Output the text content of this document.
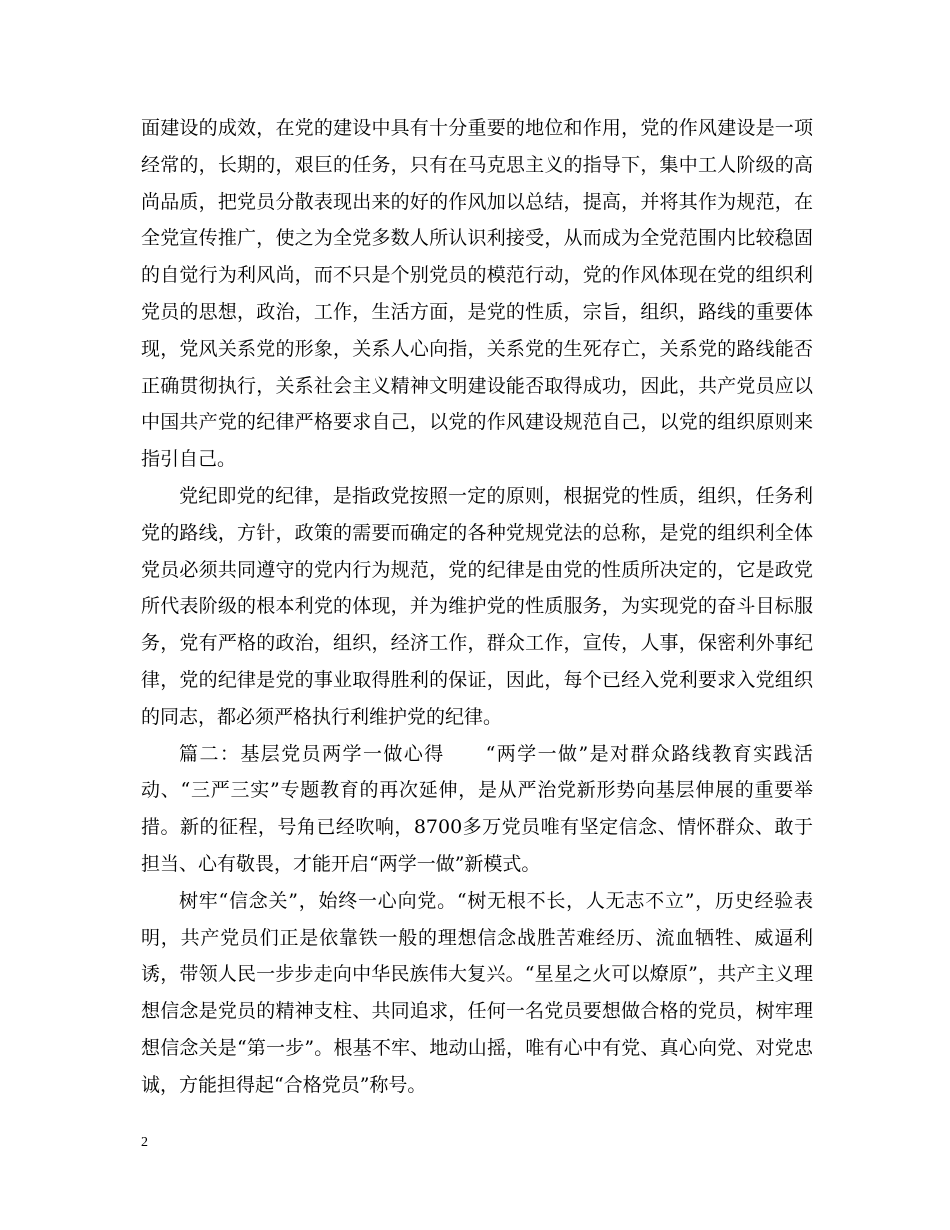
面建设的成效，在党的建设中具有十分重要的地位和作用，党的作风建设是一项经常的，长期的，艰巨的任务，只有在马克思主义的指导下，集中工人阶级的高尚品质，把党员分散表现出来的好的作风加以总结，提高，并将其作为规范，在全党宣传推广，使之为全党多数人所认识利接受，从而成为全党范围内比较稳固的自觉行为利风尚，而不只是个别党员的模范行动，党的作风体现在党的组织利党员的思想，政治，工作，生活方面，是党的性质，宗旨，组织，路线的重要体现，党风关系党的形象，关系人心向指，关系党的生死存亡，关系党的路线能否正确贯彻执行，关系社会主义精神文明建设能否取得成功，因此，共产党员应以中国共产党的纪律严格要求自己，以党的作风建设规范自己，以党的组织原则来指引自己。

党纪即党的纪律，是指政党按照一定的原则，根据党的性质，组织，任务利党的路线，方针，政策的需要而确定的各种党规党法的总称，是党的组织利全体党员必须共同遵守的党内行为规范，党的纪律是由党的性质所决定的，它是政党所代表阶级的根本利党的体现，并为维护党的性质服务，为实现党的奋斗目标服务，党有严格的政治，组织，经济工作，群众工作，宣传，人事，保密利外事纪律，党的纪律是党的事业取得胜利的保证，因此，每个已经入党利要求入党组织的同志，都必须严格执行利维护党的纪律。

篇二：基层党员两学一做心得　　“两学一做”是对群众路线教育实践活动、“三严三实”专题教育的再次延伸，是从严治党新形势向基层伸展的重要举措。新的征程，号角已经吹响，8700多万党员唯有坚定信念、情怀群众、敢于担当、心有敬畏，才能开启“两学一做”新模式。

树牢“信念关”，始终一心向党。“树无根不长，人无志不立”，历史经验表明，共产党员们正是依靠铁一般的理想信念战胜苦难经历、流血牺牲、威逼利诱，带领人民一步步走向中华民族伟大复兴。“星星之火可以燎原”，共产主义理想信念是党员的精神支柱、共同追求，任何一名党员要想做合格的党员，树牢理想信念关是“第一步”。根基不牢、地动山摇，唯有心中有党、真心向党、对党忠诚，方能担得起“合格党员”称号。

2
